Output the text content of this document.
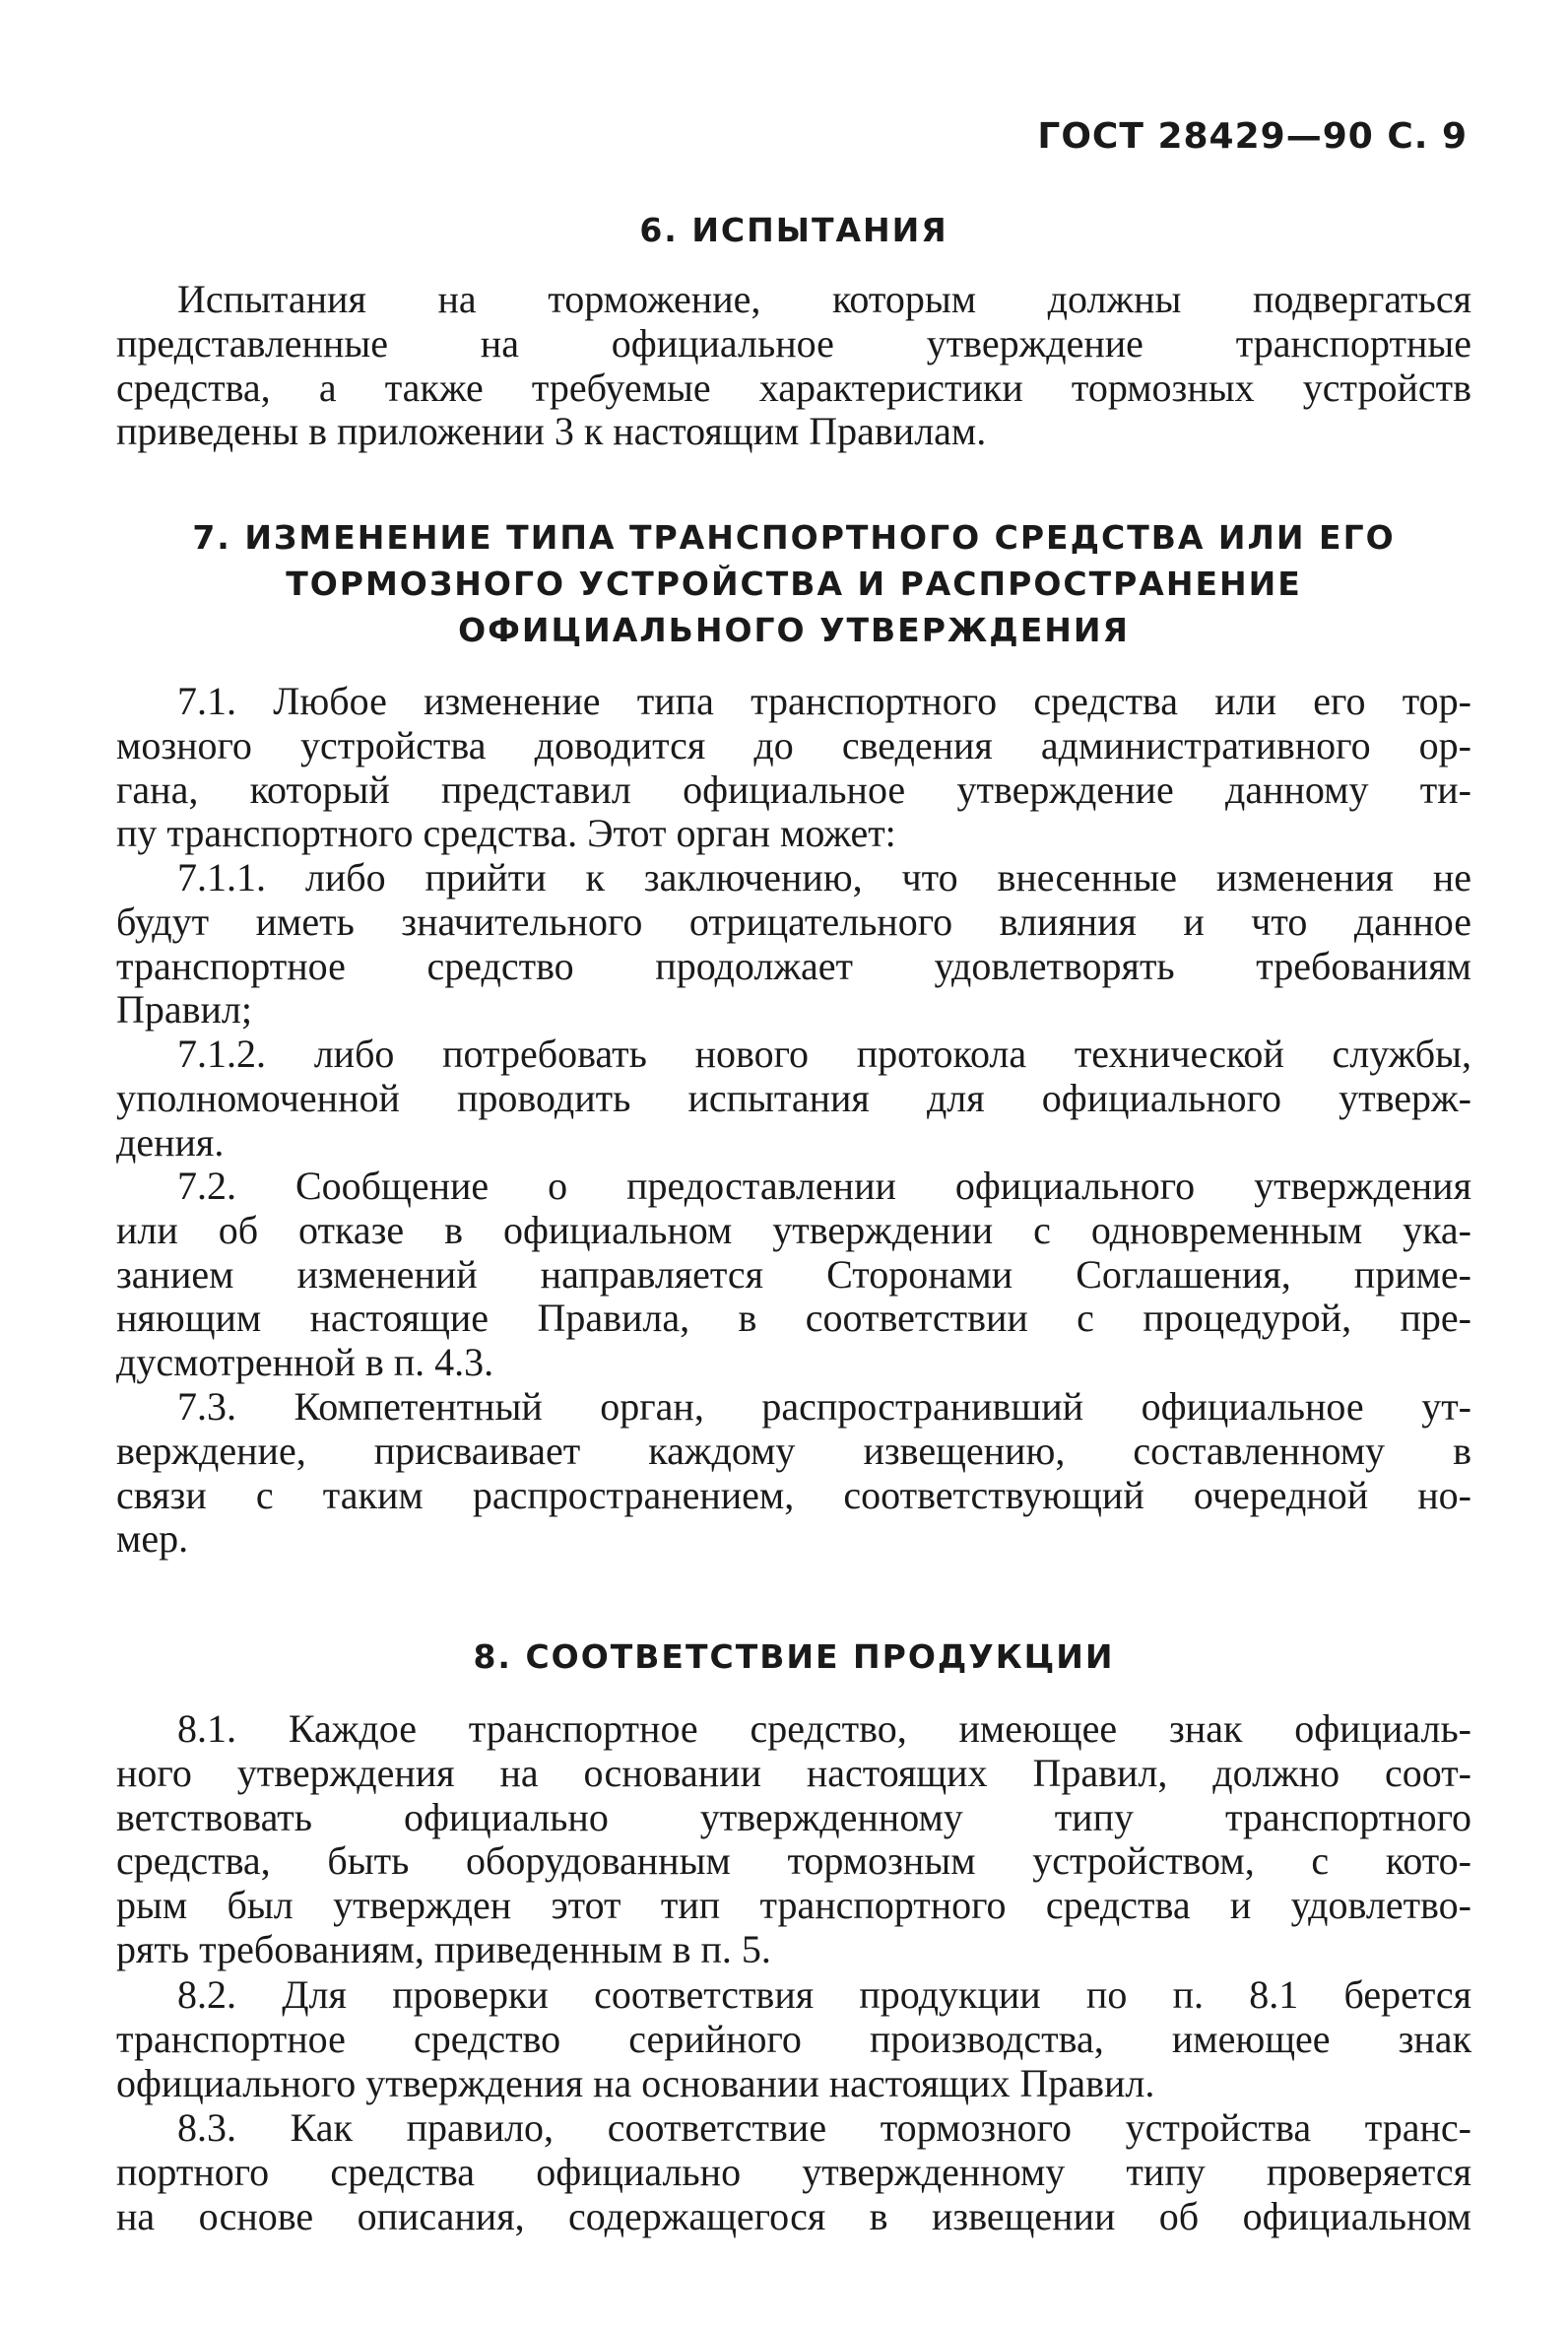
ГОСТ 28429—90 С. 9
6. ИСПЫТАНИЯ
Испытания на торможение, которым должны подвергаться
представленные на официальное утверждение транспортные
средства, а также требуемые характеристики тормозных устройств
приведены в приложении 3 к настоящим Правилам.
7. ИЗМЕНЕНИЕ ТИПА ТРАНСПОРТНОГО СРЕДСТВА ИЛИ ЕГО
ТОРМОЗНОГО УСТРОЙСТВА И РАСПРОСТРАНЕНИЕ
ОФИЦИАЛЬНОГО УТВЕРЖДЕНИЯ
7.1. Любое изменение типа транспортного средства или его тор-
мозного устройства доводится до сведения административного ор-
гана, который представил официальное утверждение данному ти-
пу транспортного средства. Этот орган может:
7.1.1. либо прийти к заключению, что внесенные изменения не
будут иметь значительного отрицательного влияния и что данное
транспортное средство продолжает удовлетворять требованиям
Правил;
7.1.2. либо потребовать нового протокола технической службы,
уполномоченной проводить испытания для официального утверж-
дения.
7.2. Сообщение о предоставлении официального утверждения
или об отказе в официальном утверждении с одновременным ука-
занием изменений направляется Сторонами Соглашения, приме-
няющим настоящие Правила, в соответствии с процедурой, пре-
дусмотренной в п. 4.3.
7.3. Компетентный орган, распространивший официальное ут-
верждение, присваивает каждому извещению, составленному в
связи с таким распространением, соответствующий очередной но-
мер.
8. СООТВЕТСТВИЕ ПРОДУКЦИИ
8.1. Каждое транспортное средство, имеющее знак официаль-
ного утверждения на основании настоящих Правил, должно соот-
ветствовать официально утвержденному типу транспортного
средства, быть оборудованным тормозным устройством, с кото-
рым был утвержден этот тип транспортного средства и удовлетво-
рять требованиям, приведенным в п. 5.
8.2. Для проверки соответствия продукции по п. 8.1 берется
транспортное средство серийного производства, имеющее знак
официального утверждения на основании настоящих Правил.
8.3. Как правило, соответствие тормозного устройства транс-
портного средства официально утвержденному типу проверяется
на основе описания, содержащегося в извещении об официальном
